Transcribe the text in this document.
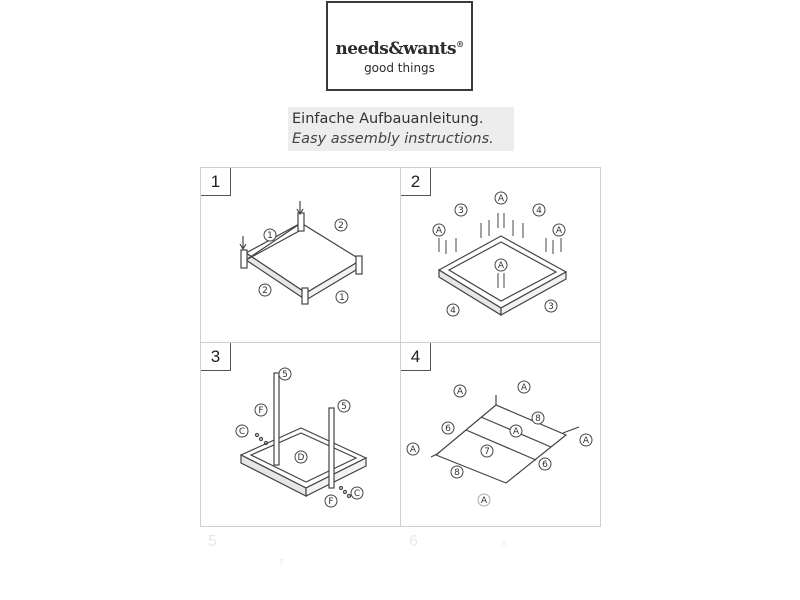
needs&wants®
good things
Einfache Aufbauanleitung.
Easy assembly instructions.
1
2
2
1
1
A
3	4
A	A
A
4	3
2
5
5
F
C
D
F
C
3
A	A
6
8
A
A	7
A
8
6
A
4
5	6
F
8
